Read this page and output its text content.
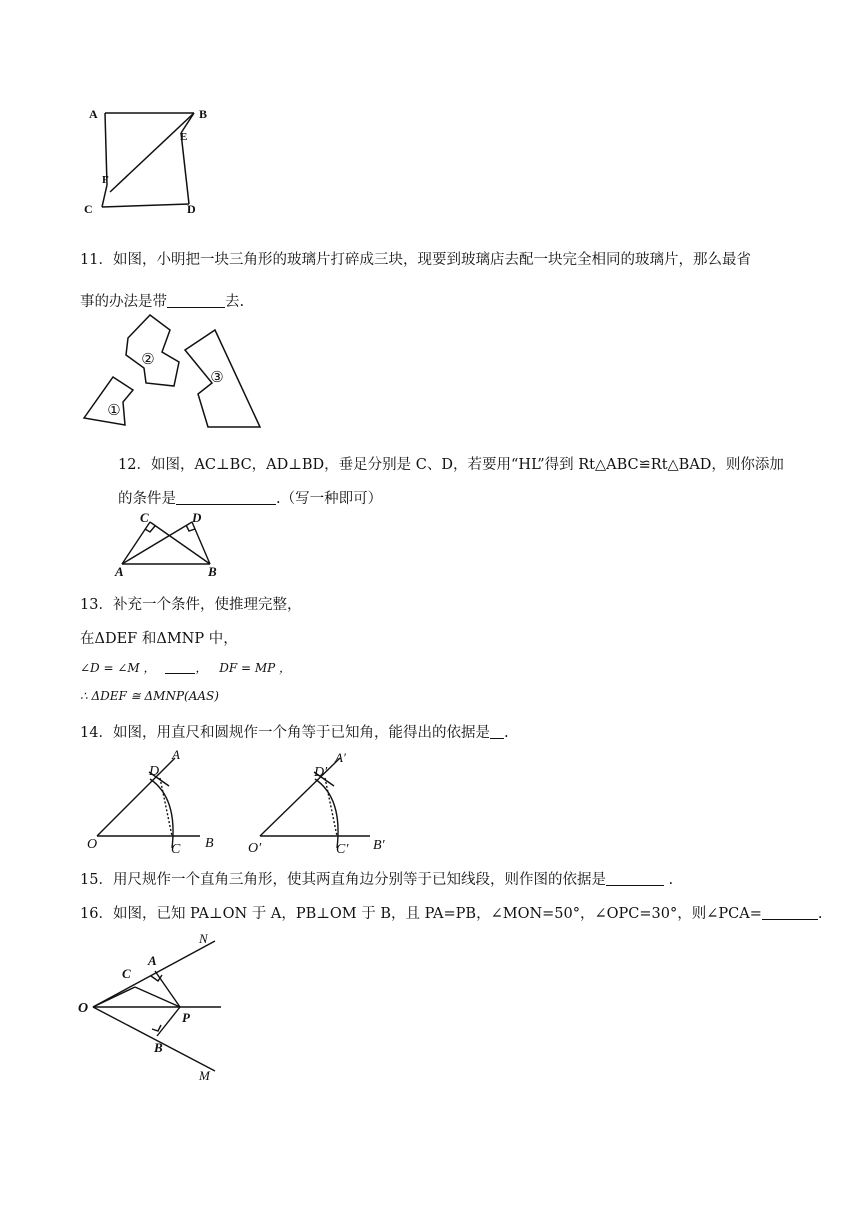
A	B
E
F
C	D
11．如图，小明把一块三角形的玻璃片打碎成三块，现要到玻璃店去配一块完全相同的玻璃片，那么最省
事的办法是带	去.
②
③
①
12．如图，AC⊥BC，AD⊥BD，垂足分别是 C、D，若要用“HL”得到 Rt△ABC≌Rt△BAD，则你添加
的条件是	.（写一种即可）
C	D
A	B
13．补充一个条件，使推理完整，
在ΔDEF 和ΔMNP 中，
∠D = ∠M ，	， DF = MP ，
∴ ΔDEF ≅ ΔMNP(AAS)
14．如图，用直尺和圆规作一个角等于已知角，能得出的依据是 .
A
D
O	C B
A′
D′
O′	C′ B′
15．用尺规作一个直角三角形，使其两直角边分别等于已知线段，则作图的依据是	.
16．如图，已知 PA⊥ON 于 A，PB⊥OM 于 B，且 PA=PB，∠MON=50°，∠OPC=30°，则∠PCA=	.
N
A
C
O
P
B
M
